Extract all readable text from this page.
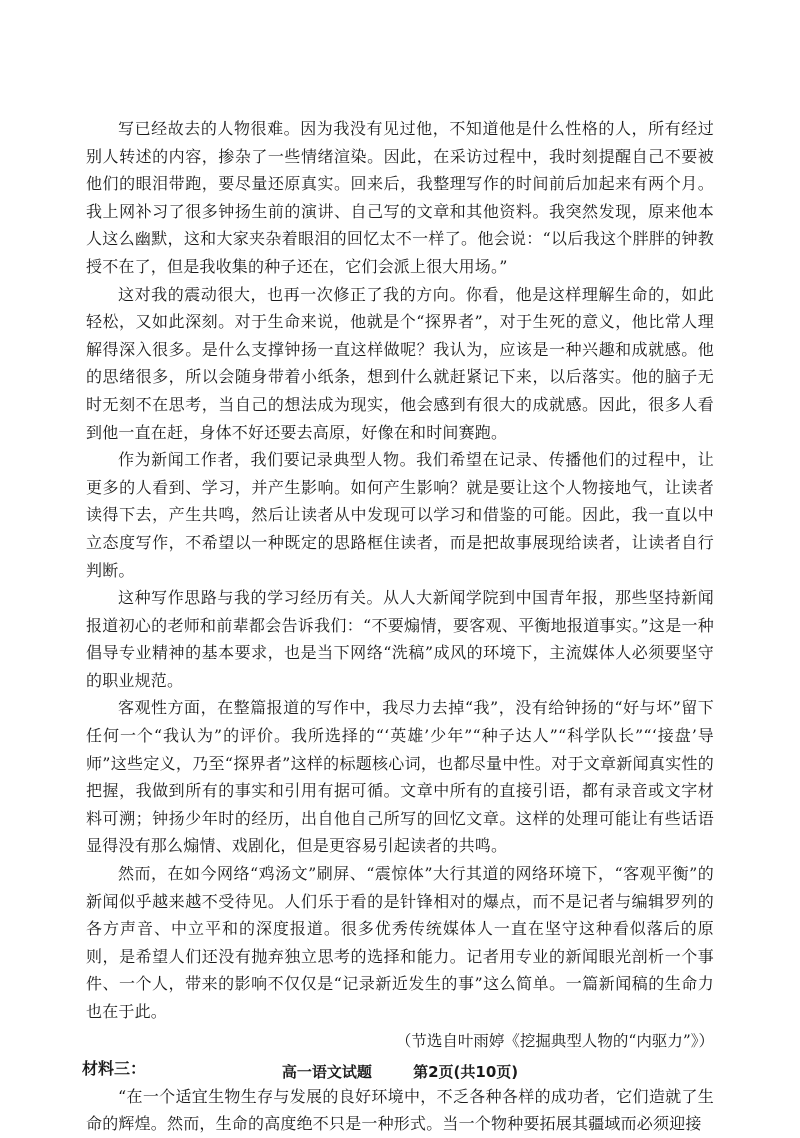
写已经故去的人物很难。因为我没有见过他，不知道他是什么性格的人，所有经过别人转述的内容，掺杂了一些情绪渲染。因此，在采访过程中，我时刻提醒自己不要被他们的眼泪带跑，要尽量还原真实。回来后，我整理写作的时间前后加起来有两个月。我上网补习了很多钟扬生前的演讲、自己写的文章和其他资料。我突然发现，原来他本人这么幽默，这和大家夹杂着眼泪的回忆太不一样了。他会说：“以后我这个胖胖的钟教授不在了，但是我收集的种子还在，它们会派上很大用场。”

这对我的震动很大，也再一次修正了我的方向。你看，他是这样理解生命的，如此轻松，又如此深刻。对于生命来说，他就是个“探界者”，对于生死的意义，他比常人理解得深入很多。是什么支撑钟扬一直这样做呢？我认为，应该是一种兴趣和成就感。他的思绪很多，所以会随身带着小纸条，想到什么就赶紧记下来，以后落实。他的脑子无时无刻不在思考，当自己的想法成为现实，他会感到有很大的成就感。因此，很多人看到他一直在赶，身体不好还要去高原，好像在和时间赛跑。

作为新闻工作者，我们要记录典型人物。我们希望在记录、传播他们的过程中，让更多的人看到、学习，并产生影响。如何产生影响？就是要让这个人物接地气，让读者读得下去，产生共鸣，然后让读者从中发现可以学习和借鉴的可能。因此，我一直以中立态度写作，不希望以一种既定的思路框住读者，而是把故事展现给读者，让读者自行判断。

这种写作思路与我的学习经历有关。从人大新闻学院到中国青年报，那些坚持新闻报道初心的老师和前辈都会告诉我们：“不要煽情，要客观、平衡地报道事实。”这是一种倡导专业精神的基本要求，也是当下网络“洗稿”成风的环境下，主流媒体人必须要坚守的职业规范。

客观性方面，在整篇报道的写作中，我尽力去掉“我”，没有给钟扬的“好与坏”留下任何一个“我认为”的评价。我所选择的“‘英雄’少年”“种子达人”“科学队长”“‘接盘’导师”这些定义，乃至“探界者”这样的标题核心词，也都尽量中性。对于文章新闻真实性的把握，我做到所有的事实和引用有据可循。文章中所有的直接引语，都有录音或文字材料可溯；钟扬少年时的经历，出自他自己所写的回忆文章。这样的处理可能让有些话语显得没有那么煽情、戏剧化，但是更容易引起读者的共鸣。

然而，在如今网络“鸡汤文”刷屏、“震惊体”大行其道的网络环境下，“客观平衡”的新闻似乎越来越不受待见。人们乐于看的是针锋相对的爆点，而不是记者与编辑罗列的各方声音、中立平和的深度报道。很多优秀传统媒体人一直在坚守这种看似落后的原则，是希望人们还没有抛弃独立思考的选择和能力。记者用专业的新闻眼光剖析一个事件、一个人，带来的影响不仅仅是“记录新近发生的事”这么简单。一篇新闻稿的生命力也在于此。

（节选自叶雨婷《挖掘典型人物的“内驱力”》）

材料三：

“在一个适宜生物生存与发展的良好环境中，不乏各种各样的成功者，它们造就了生命的辉煌。然而，生命的高度绝不只是一种形式。当一个物种要拓展其疆域而必须迎接

高一语文试题	第2页(共10页)
